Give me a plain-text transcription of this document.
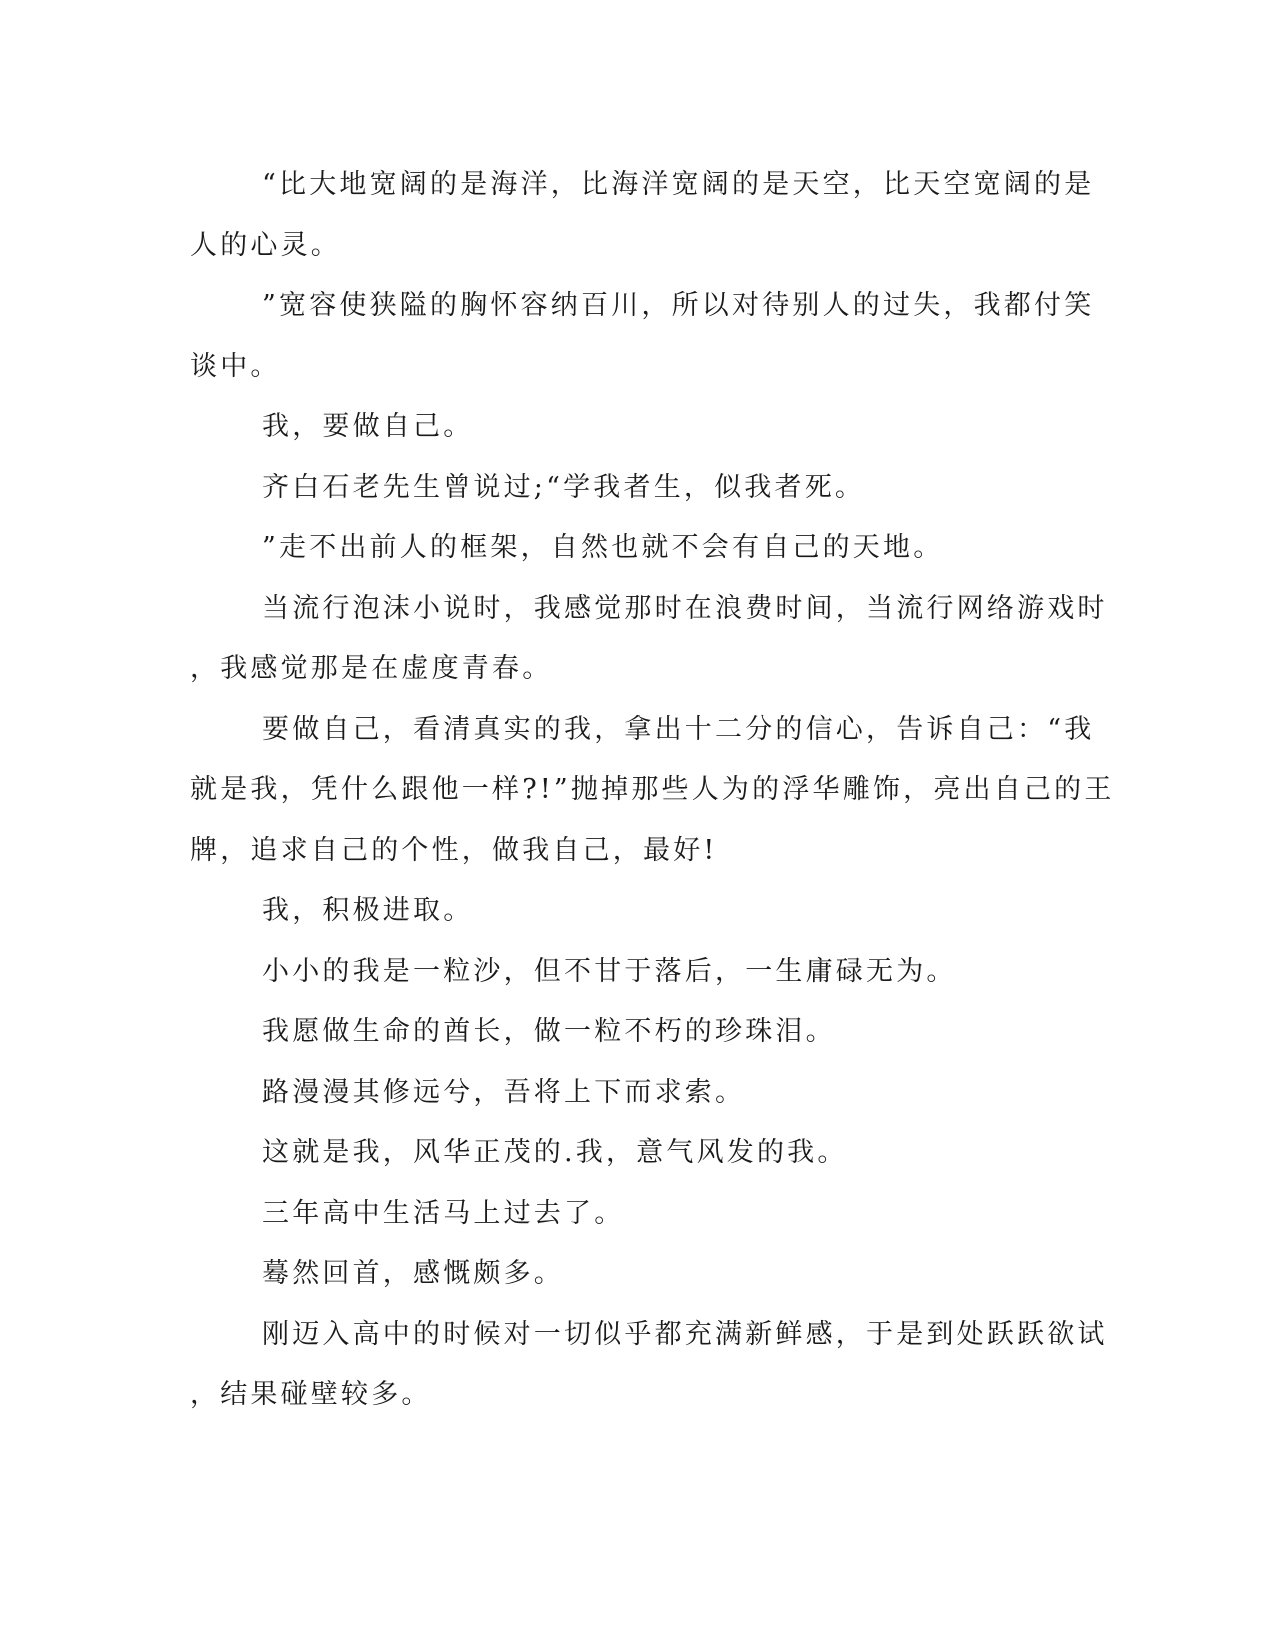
“比大地宽阔的是海洋，比海洋宽阔的是天空，比天空宽阔的是
人的心灵。

”宽容使狭隘的胸怀容纳百川，所以对待别人的过失，我都付笑
谈中。

我，要做自己。

齐白石老先生曾说过;“学我者生，似我者死。

”走不出前人的框架，自然也就不会有自己的天地。

当流行泡沫小说时，我感觉那时在浪费时间，当流行网络游戏时
，我感觉那是在虚度青春。

要做自己，看清真实的我，拿出十二分的信心，告诉自己：“我
就是我，凭什么跟他一样?!”抛掉那些人为的浮华雕饰，亮出自己的王
牌，追求自己的个性，做我自己，最好!

我，积极进取。

小小的我是一粒沙，但不甘于落后，一生庸碌无为。

我愿做生命的酋长，做一粒不朽的珍珠泪。

路漫漫其修远兮，吾将上下而求索。

这就是我，风华正茂的.我，意气风发的我。

三年高中生活马上过去了。

蓦然回首，感慨颇多。

刚迈入高中的时候对一切似乎都充满新鲜感，于是到处跃跃欲试
，结果碰壁较多。
